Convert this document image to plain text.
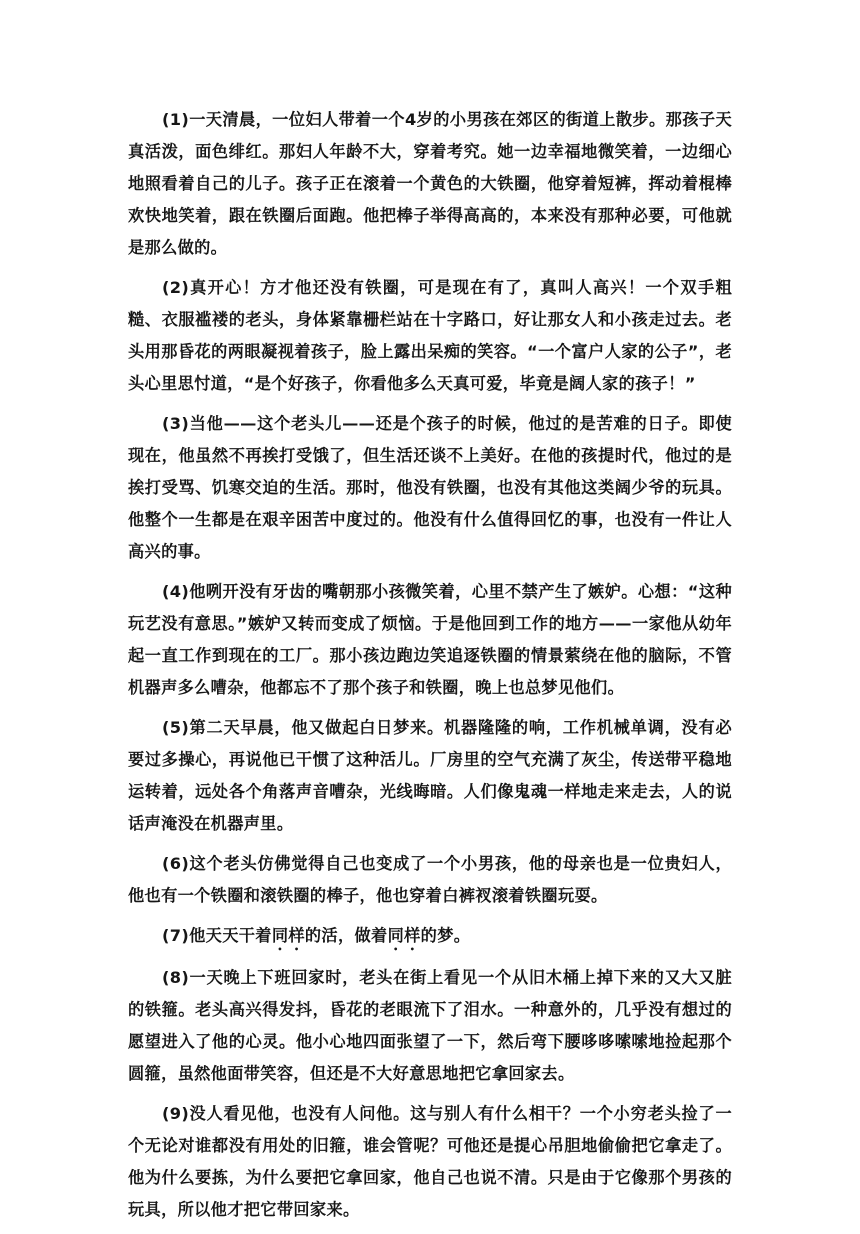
(1)一天清晨，一位妇人带着一个4岁的小男孩在郊区的街道上散步。那孩子天真活泼，面色绯红。那妇人年龄不大，穿着考究。她一边幸福地微笑着，一边细心地照看着自己的儿子。孩子正在滚着一个黄色的大铁圈，他穿着短裤，挥动着棍棒欢快地笑着，跟在铁圈后面跑。他把棒子举得高高的，本来没有那种必要，可他就是那么做的。

(2)真开心！方才他还没有铁圈，可是现在有了，真叫人高兴！一个双手粗糙、衣服褴褛的老头，身体紧靠栅栏站在十字路口，好让那女人和小孩走过去。老头用那昏花的两眼凝视着孩子，脸上露出呆痴的笑容。“一个富户人家的公子”，老头心里思忖道，“是个好孩子，你看他多么天真可爱，毕竟是阔人家的孩子！”

(3)当他——这个老头儿——还是个孩子的时候，他过的是苦难的日子。即使现在，他虽然不再挨打受饿了，但生活还谈不上美好。在他的孩提时代，他过的是挨打受骂、饥寒交迫的生活。那时，他没有铁圈，也没有其他这类阔少爷的玩具。他整个一生都是在艰辛困苦中度过的。他没有什么值得回忆的事，也没有一件让人高兴的事。

(4)他咧开没有牙齿的嘴朝那小孩微笑着，心里不禁产生了嫉妒。心想：“这种玩艺没有意思。”嫉妒又转而变成了烦恼。于是他回到工作的地方——一家他从幼年起一直工作到现在的工厂。那小孩边跑边笑追逐铁圈的情景萦绕在他的脑际，不管机器声多么嘈杂，他都忘不了那个孩子和铁圈，晚上也总梦见他们。

(5)第二天早晨，他又做起白日梦来。机器隆隆的响，工作机械单调，没有必要过多操心，再说他已干惯了这种活儿。厂房里的空气充满了灰尘，传送带平稳地运转着，远处各个角落声音嘈杂，光线晦暗。人们像鬼魂一样地走来走去，人的说话声淹没在机器声里。

(6)这个老头仿佛觉得自己也变成了一个小男孩，他的母亲也是一位贵妇人，他也有一个铁圈和滚铁圈的棒子，他也穿着白裤衩滚着铁圈玩耍。

(7)他天天干着同样的活，做着同样的梦。

(8)一天晚上下班回家时，老头在街上看见一个从旧木桶上掉下来的又大又脏的铁箍。老头高兴得发抖，昏花的老眼流下了泪水。一种意外的，几乎没有想过的愿望进入了他的心灵。他小心地四面张望了一下，然后弯下腰哆哆嗦嗦地捡起那个圆箍，虽然他面带笑容，但还是不大好意思地把它拿回家去。

(9)没人看见他，也没有人问他。这与别人有什么相干？一个小穷老头捡了一个无论对谁都没有用处的旧箍，谁会管呢？可他还是提心吊胆地偷偷把它拿走了。他为什么要拣，为什么要把它拿回家，他自己也说不清。只是由于它像那个男孩的玩具，所以他才把它带回家来。
